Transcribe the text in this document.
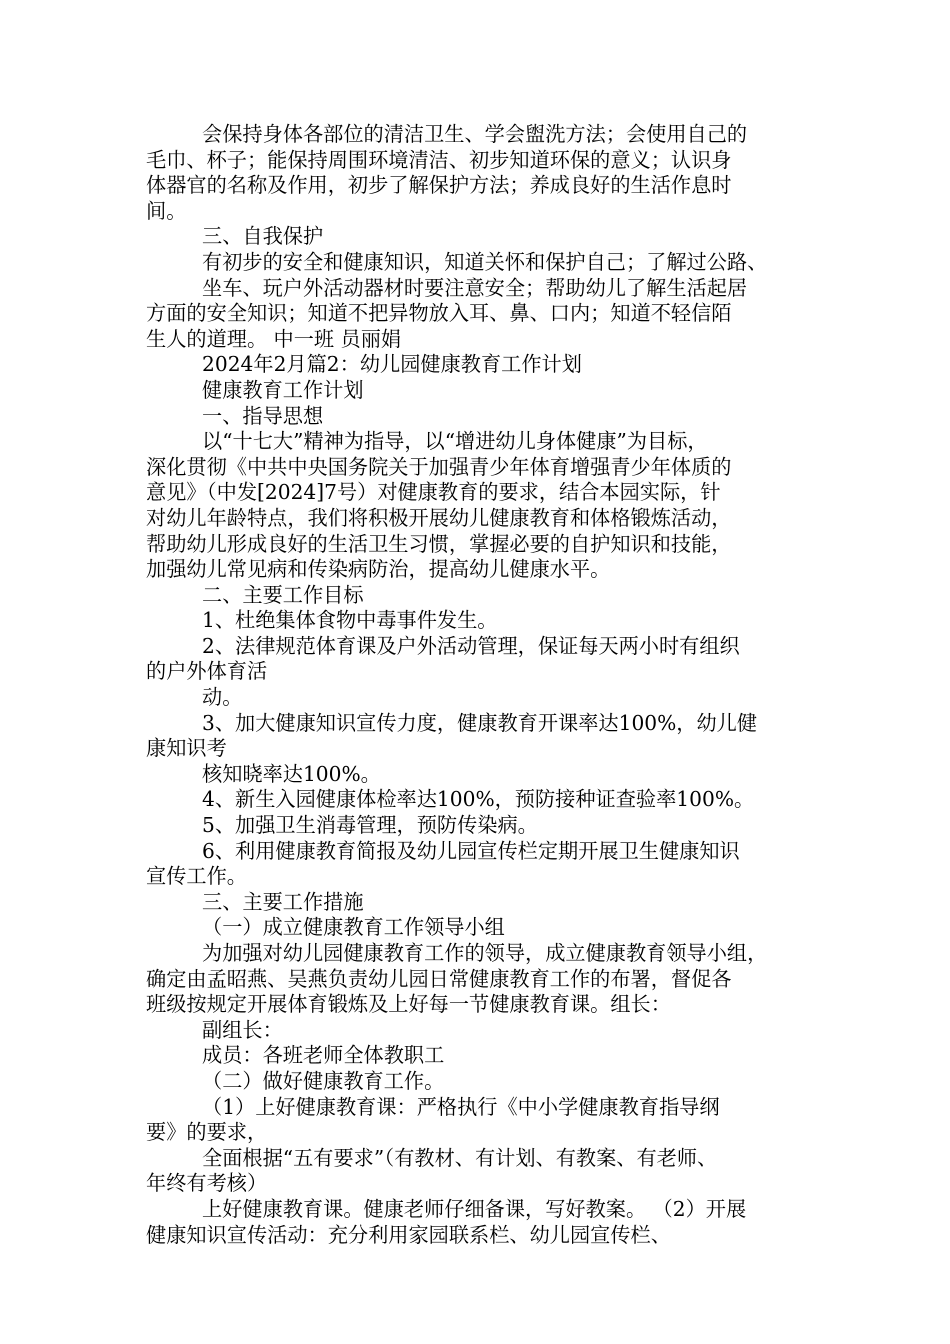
会保持身体各部位的清洁卫生、学会盥洗方法；会使用自己的
毛巾、杯子；能保持周围环境清洁、初步知道环保的意义；认识身
体器官的名称及作用，初步了解保护方法；养成良好的生活作息时
间。
三、自我保护
有初步的安全和健康知识，知道关怀和保护自己；了解过公路、
坐车、玩户外活动器材时要注意安全；帮助幼儿了解生活起居
方面的安全知识；知道不把异物放入耳、鼻、口内；知道不轻信陌
生人的道理。 中一班 员丽娟
2024年2月篇2：幼儿园健康教育工作计划
健康教育工作计划
一、指导思想
以“十七大”精神为指导，以“增进幼儿身体健康”为目标，
深化贯彻《中共中央国务院关于加强青少年体育增强青少年体质的
意见》（中发[2024]7号）对健康教育的要求，结合本园实际，针
对幼儿年龄特点，我们将积极开展幼儿健康教育和体格锻炼活动，
帮助幼儿形成良好的生活卫生习惯，掌握必要的自护知识和技能，
加强幼儿常见病和传染病防治，提高幼儿健康水平。
二、主要工作目标
1、杜绝集体食物中毒事件发生。
2、法律规范体育课及户外活动管理，保证每天两小时有组织
的户外体育活
动。
3、加大健康知识宣传力度，健康教育开课率达100%，幼儿健
康知识考
核知晓率达100%。
4、新生入园健康体检率达100%，预防接种证查验率100%。
5、加强卫生消毒管理，预防传染病。
6、利用健康教育简报及幼儿园宣传栏定期开展卫生健康知识
宣传工作。
三、主要工作措施
（一）成立健康教育工作领导小组
为加强对幼儿园健康教育工作的领导，成立健康教育领导小组，
确定由孟昭燕、吴燕负责幼儿园日常健康教育工作的布署，督促各
班级按规定开展体育锻炼及上好每一节健康教育课。组长：
副组长：
成员：各班老师全体教职工
（二）做好健康教育工作。
（1）上好健康教育课：严格执行《中小学健康教育指导纲
要》的要求，
全面根据“五有要求”（有教材、有计划、有教案、有老师、
年终有考核）
上好健康教育课。健康老师仔细备课，写好教案。 （2）开展
健康知识宣传活动：充分利用家园联系栏、幼儿园宣传栏、
